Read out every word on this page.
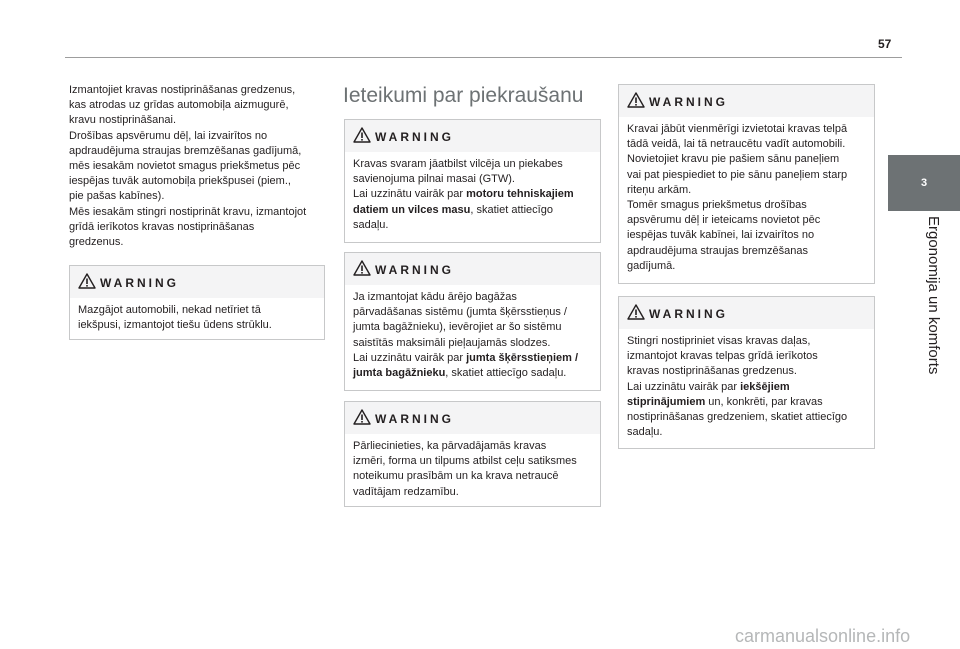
57
3
Ergonomija un komforts

Izmantojiet kravas nostiprināšanas gredzenus,

kas atrodas uz grīdas automobiļa aizmugurē,

kravu nostiprināšanai.

Drošības apsvērumu dēļ, lai izvairītos no

apdraudējuma straujas bremzēšanas gadījumā,

mēs iesakām novietot smagus priekšmetus pēc

iespējas tuvāk automobiļa priekšpusei (piem.,

pie pašas kabīnes).

Mēs iesakām stingri nostiprināt kravu, izmantojot

grīdā ierīkotos kravas nostiprināšanas

gredzenus.

Ieteikumi par piekraušanu
WARNING

Mazgājot automobili, nekad netīriet tā

iekšpusi, izmantojot tiešu ūdens strūklu.

WARNING

Kravas svaram jāatbilst vilcēja un piekabes

savienojuma pilnai masai (GTW).

Lai uzzinātu vairāk par motoru tehniskajiem

datiem un vilces masu, skatiet attiecīgo

sadaļu.

WARNING

Ja izmantojat kādu ārējo bagāžas

pārvadāšanas sistēmu (jumta šķērsstieņus /

jumta bagāžnieku), ievērojiet ar šo sistēmu

saistītās maksimāli pieļaujamās slodzes.

Lai uzzinātu vairāk par jumta šķērsstieņiem /

jumta bagāžnieku, skatiet attiecīgo sadaļu.

WARNING

Pārliecinieties, ka pārvadājamās kravas

izmēri, forma un tilpums atbilst ceļu satiksmes

noteikumu prasībām un ka krava netraucē

vadītājam redzamību.

WARNING

Kravai jābūt vienmērīgi izvietotai kravas telpā

tādā veidā, lai tā netraucētu vadīt automobili.

Novietojiet kravu pie pašiem sānu paneļiem

vai pat piespiediet to pie sānu paneļiem starp

riteņu arkām.

Tomēr smagus priekšmetus drošības

apsvērumu dēļ ir ieteicams novietot pēc

iespējas tuvāk kabīnei, lai izvairītos no

apdraudējuma straujas bremzēšanas

gadījumā.

WARNING

Stingri nostipriniet visas kravas daļas,

izmantojot kravas telpas grīdā ierīkotos

kravas nostiprināšanas gredzenus.

Lai uzzinātu vairāk par iekšējiem

stiprinājumiem un, konkrēti, par kravas

nostiprināšanas gredzeniem, skatiet attiecīgo

sadaļu.

carmanualsonline.info
